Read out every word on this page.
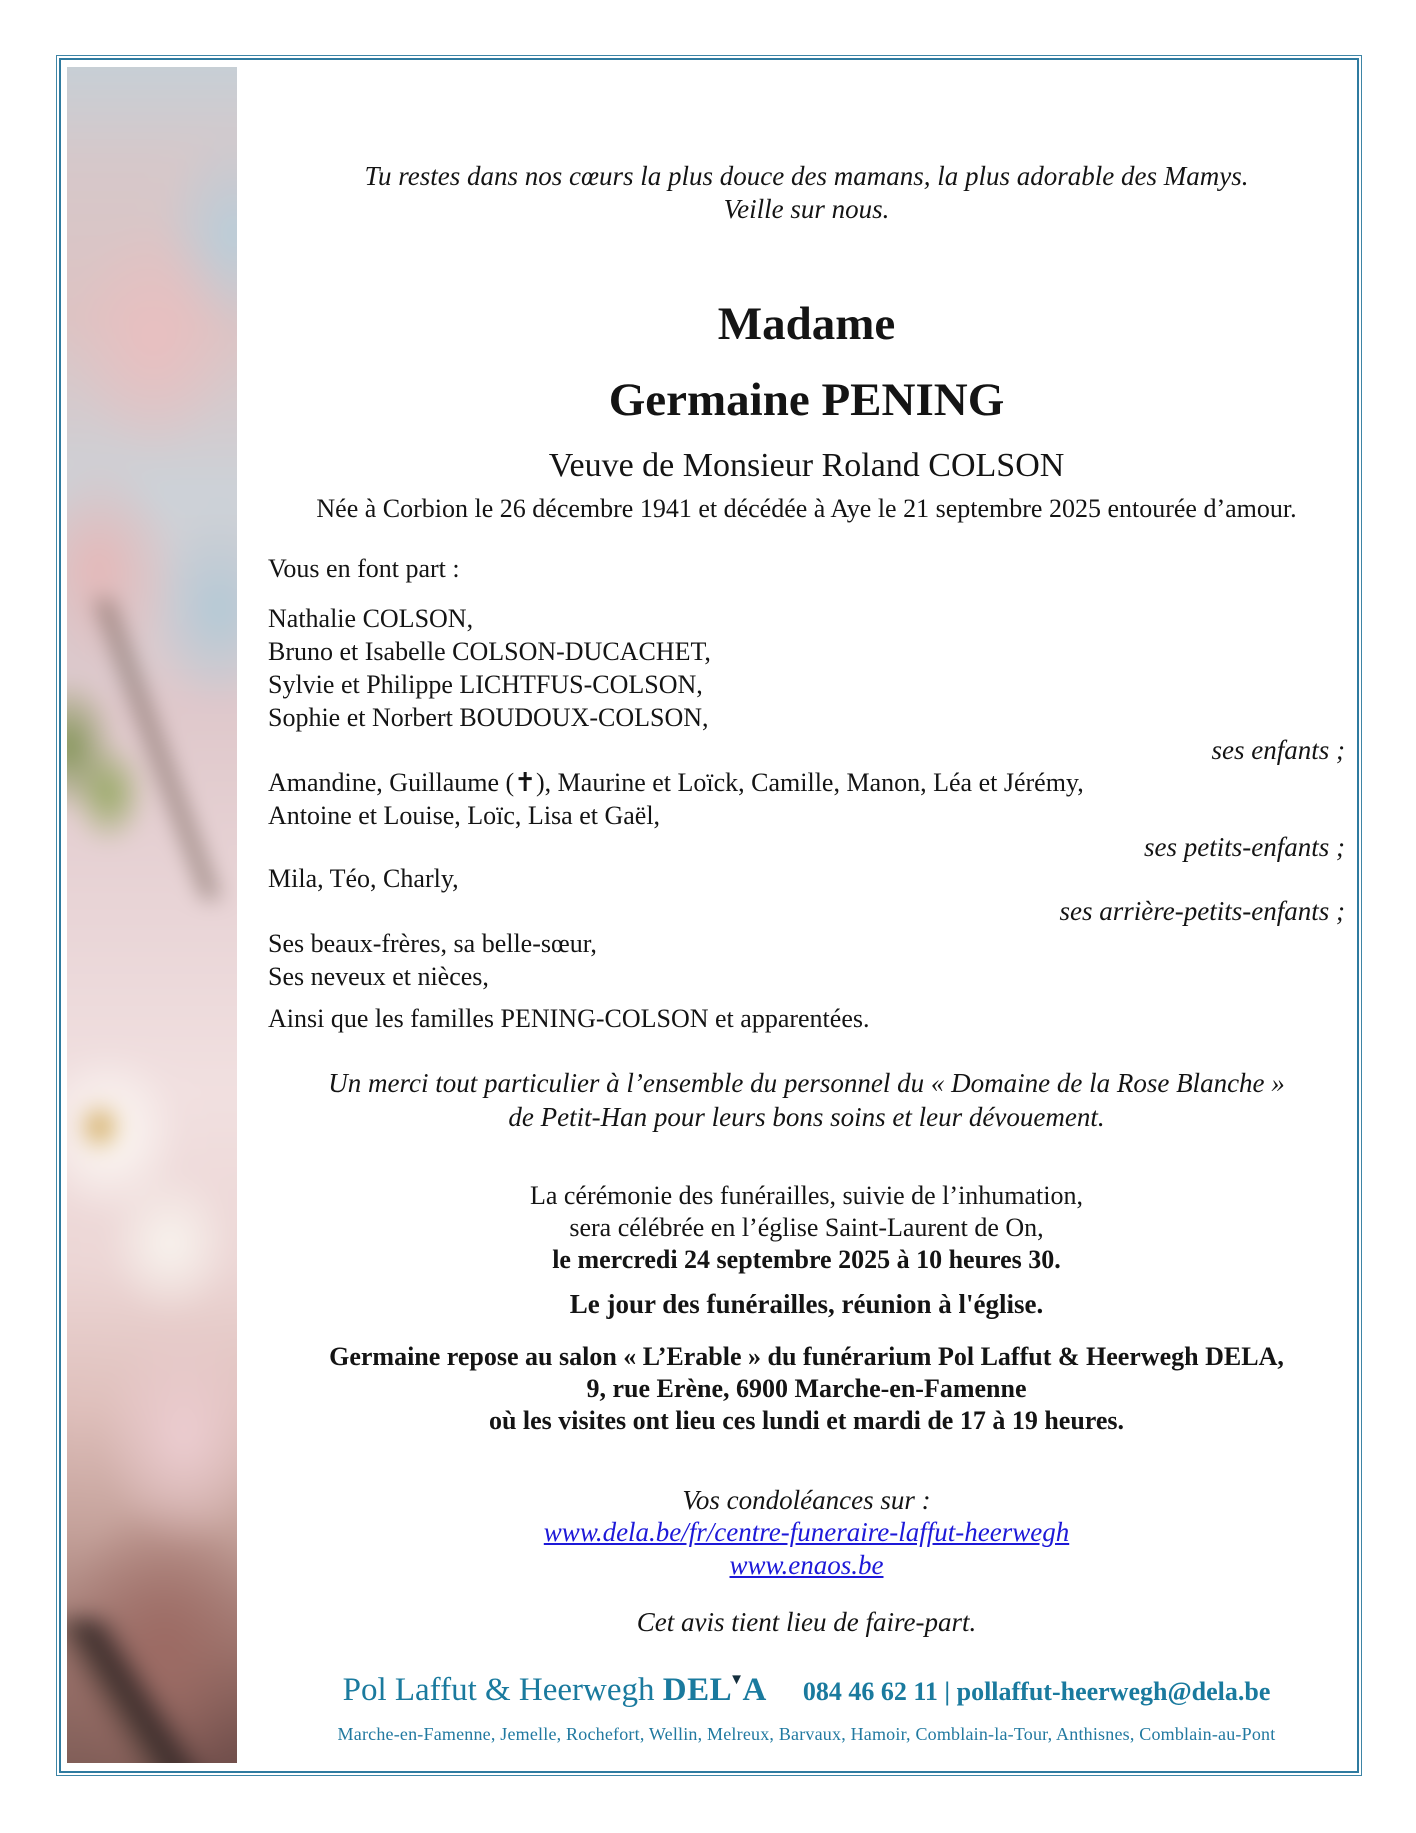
Tu restes dans nos cœurs la plus douce des mamans, la plus adorable des Mamys.
Veille sur nous.
Madame
Germaine PENING
Veuve de Monsieur Roland COLSON
Née à Corbion le 26 décembre 1941 et décédée à Aye le 21 septembre 2025 entourée d’amour.
Vous en font part :
Nathalie COLSON,
Bruno et Isabelle COLSON-DUCACHET,
Sylvie et Philippe LICHTFUS-COLSON,
Sophie et Norbert BOUDOUX-COLSON,
ses enfants ;
Amandine, Guillaume (✝), Maurine et Loïck, Camille, Manon, Léa et Jérémy,
Antoine et Louise, Loïc, Lisa et Gaël,
ses petits-enfants ;
Mila, Téo, Charly,
ses arrière-petits-enfants ;
Ses beaux-frères, sa belle-sœur,
Ses neveux et nièces,
Ainsi que les familles PENING-COLSON et apparentées.
Un merci tout particulier à l’ensemble du personnel du « Domaine de la Rose Blanche »
de Petit-Han pour leurs bons soins et leur dévouement.
La cérémonie des funérailles, suivie de l’inhumation,
sera célébrée en l’église Saint-Laurent de On,
le mercredi 24 septembre 2025 à 10 heures 30.
Le jour des funérailles, réunion à l'église.
Germaine repose au salon « L’Erable » du funérarium Pol Laffut & Heerwegh DELA,
9, rue Erène, 6900 Marche-en-Famenne
où les visites ont lieu ces lundi et mardi de 17 à 19 heures.
Vos condoléances sur :
www.dela.be/fr/centre-funeraire-laffut-heerwegh
www.enaos.be
Cet avis tient lieu de faire-part.
Pol Laffut & Heerwegh DEL▼A 084 46 62 11 | pollaffut-heerwegh@dela.be
Marche-en-Famenne, Jemelle, Rochefort, Wellin, Melreux, Barvaux, Hamoir, Comblain-la-Tour, Anthisnes, Comblain-au-Pont
